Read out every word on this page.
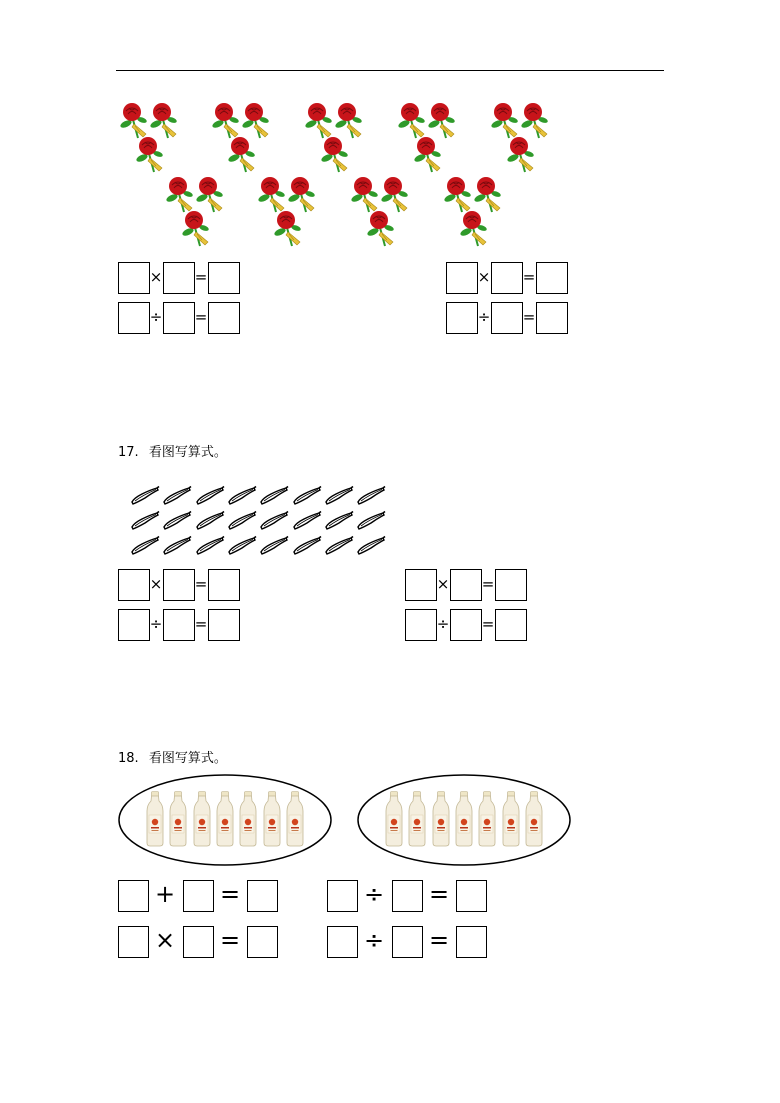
× =
÷ =
× =
÷ =
17. 看图写算式。
× =
÷ =
× =
÷ =
18. 看图写算式。
+ =
× =
÷ =
÷ =
